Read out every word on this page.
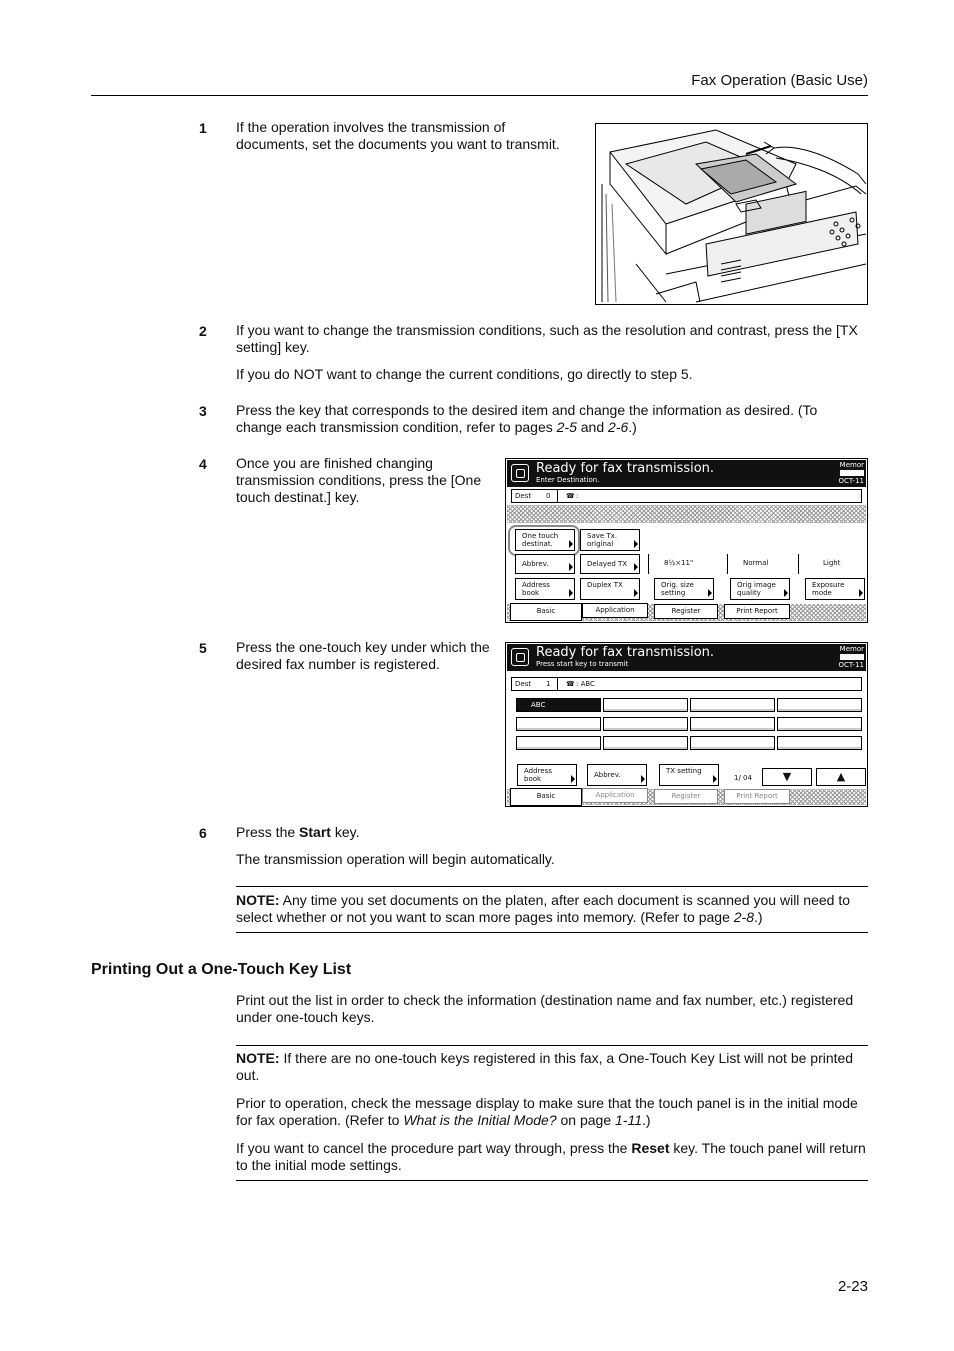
Fax Operation (Basic Use)
1 If the operation involves the transmission of documents, set the documents you want to transmit.

2 If you want to change the transmission conditions, such as the resolution and contrast, press the [TX setting] key.

If you do NOT want to change the current conditions, go directly to step 5.

3 Press the key that corresponds to the desired item and change the information as desired. (To change each transmission condition, refer to pages 2-5 and 2-6.)

4 Once you are finished changing transmission conditions, press the [One touch destinat.] key.

Ready for fax transmission.
Enter Destination.
Memor
OCT-11
Dest 0 ☎ :
One touch destinat.
Save Tx. original
Abbrev.	Delayed TX	8½×11"	Normal	Light
Address book
Duplex TX	Orig. size setting
Orig image quality
Exposure mode
Basic	Application	Register	Print Report
5 Press the one-touch key under which the desired fax number is registered.

Ready for fax transmission.
Press start key to transmit
Memor
OCT-11
Dest 1 ☎ : ABC
ABC
Address book	Abbrev.	TX setting
1/ 04	▼	▲
Basic	Application	Register	Print Report
6 Press the Start key.

The transmission operation will begin automatically.

NOTE: Any time you set documents on the platen, after each document is scanned you will need to select whether or not you want to scan more pages into memory. (Refer to page 2-8.)

Printing Out a One-Touch Key List

Print out the list in order to check the information (destination name and fax number, etc.) registered under one-touch keys.

NOTE: If there are no one-touch keys registered in this fax, a One-Touch Key List will not be printed out.

Prior to operation, check the message display to make sure that the touch panel is in the initial mode for fax operation. (Refer to What is the Initial Mode? on page 1-11.)

If you want to cancel the procedure part way through, press the Reset key. The touch panel will return to the initial mode settings.

2-23
